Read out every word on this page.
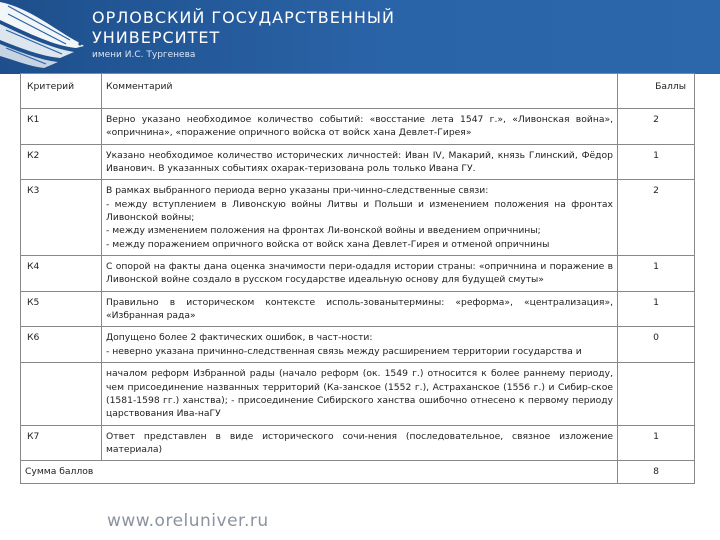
ОРЛОВСКИЙ ГОСУДАРСТВЕННЫЙ
УНИВЕРСИТЕТ
имени И.С. Тургенева
Критерий	Комментарий	Баллы
К1	Верно указано необходимое количество событий: «восстание лета 1547 г.», «Ливонская война», «опричнина», «поражение опричного войска от войск хана Девлет-Гирея»	2
К2	Указано необходимое количество исторических личностей: Иван IV, Макарий, князь Глинский, Фёдор Иванович. В указанных событиях охарак-теризована роль только Ивана ГУ.	1
К3	В рамках выбранного периода верно указаны при-чинно-следственные связи:
- между вступлением в Ливонскую войны Литвы и Польши и изменением положения на фронтах Ливонской войны;
- между изменением положения на фронтах Ли-вонской войны и введением опричнины;
- между поражением опричного войска от войск хана Девлет-Гирея и отменой опричнины	2
К4	С опорой на факты дана оценка значимости пери-одадля истории страны: «опричнина и поражение в Ливонской войне создало в русском государстве идеальную основу для будущей смуты»	1
К5	Правильно в историческом контексте исполь-зованытермины: «реформа», «централизация», «Избранная рада»	1
К6	Допущено более 2 фактических ошибок, в част-ности:
- неверно указана причинно-следственная связь между расширением территории государства и	0
	началом реформ Избранной рады (начало реформ (ок. 1549 г.) относится к более раннему периоду, чем присоединение названных территорий (Ка-занское (1552 г.), Астраханское (1556 г.) и Сибир-ское (1581-1598 гг.) ханства); - присоединение Сибирского ханства ошибочно отнесено к первому периоду царствования Ива-наГУ	
К7	Ответ представлен в виде исторического сочи-нения (последовательное, связное изложение материала)	1
Сумма баллов		8
www.oreluniver.ru
